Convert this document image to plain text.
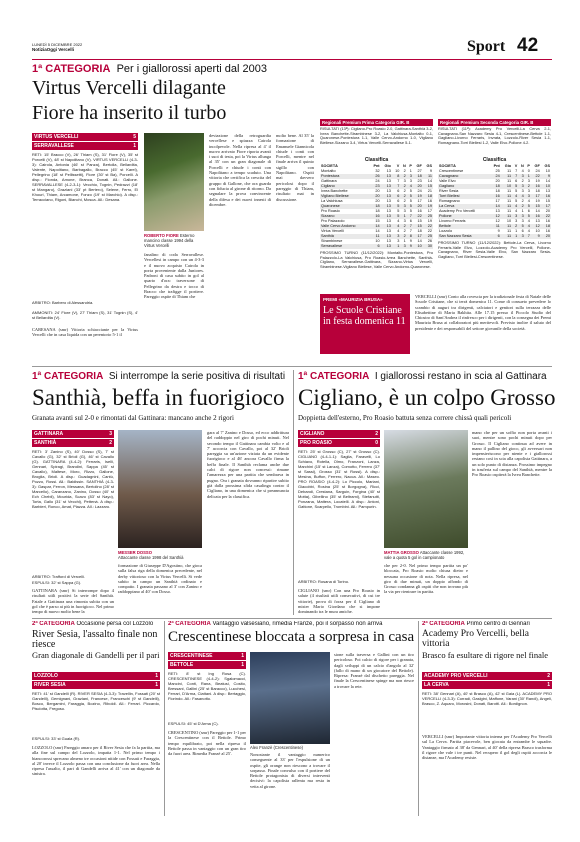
LUNEDÌ 5 DICEMBRE 2022
NotiziaOggi Vercelli	Sport 42
1ª CATEGORIA Per i giallorossi aperti dal 2003
Virtus Vercelli dilagante
Fiore ha inserito il turbo
VIRTUS VERCELLI	5
SERRAVALLESE	1
RETI: 15' Bracco (V), 26' Thiam (S), 31' Fiore (V), 35' st Porcelli (V), 48' st Napolitano (V). VIRTUS VERCELLI (4-3-3): Cairola, Antonia (46' st Panza), Bertolla, Bellardita, Valente, Napolitano, Barbagallo, Bracco (45' st Karel), Pellegrino (18' st Pellissetti), Fiore (30' st Ba), Porcelli. A disp.: Fionda, Amone, Branca, Donati. All.: Gallone. SERRAVALLESE (4-2-3-1): Vecchio, Tognin, Pedrazzi (18' st Mangaro), Graziani (33' pt Bertero), Selene, Ferro, El Khouri, Thiam, Arcamone, Fonzo (19' st Marchio). A disp.: Terracciano, Rigoni, Bianchi, Mosca. All.: Desana.
ARBITRO: Barbero di Alessandria.
AMMONITI: 24' Fiore (V), 27' Thiam (S), 31' Tognin (S), 4' st Bellardita (V).
CARESANA (smr) Vittoria schiacciante per la Virtus Vercelli che in casa liquida con un perentorio 5-1 il
ROBERTO FIORE Esterno mancino classe 1994 della Virtus Vercelli
fanalino di coda Serravallese. Vercellesi in campo con un 4-3-3 e il nuovo acquisto Cairola in porta proveniente dalla Juniores. Padroni di casa subito in gol al quarto d'ora: traversone di Pellegrino da destra e tocco di Bracco che trafigge il portiere. Pareggio ospite di Thiam che
deviazione della retroguardia vercellese e spiazza Cairola incolpevole. Nella ripresa al 4' il nuovo arrivato Fiore riporta avanti i suoi di testa, poi la Virtus allunga al 35' con un gran diagonale di Porcelli e chiude i conti con Napolitano a tempo scaduto. Una vittoria che certifica la crescita del gruppo di Gallone, che ora guarda con fiducia al girone di ritorno. Da segnalare la prova convincente della difesa e dei nuovi innesti di dicembre.
molto bene. Al 35' la formazione di Emanuele Giannicola chiude i conti con Porcelli, mentre nel finale arriva il quinto sigillo con Napolitano. Ospiti mai davvero pericolosi dopo il pareggio di Thiam, risultato mai in discussione.
Regionali Premium Prima Categoria GIR. B
RISULTATI (13ª): Cigliano-Pro Roasio 2-0, Gattinara-Santhià 3-2, Ivrea Banchette-Strambinese 3-2, La Valchiusa-Montalto 0-1, Quaronese-Pontestura 1-1, Valle Cervo-Andorno 1-0, Vigliano Biellese-Sizzano 3-4, Virtus Vercelli-Serravallese 5-1.
Classifica
SOCIETÀ	Pnt	Gio	V	N	P	GF	GS
Montalto	32	13	10	2	1	27	9
Pontestura	26	13	8	2	3	18	11
Gattinara	24	13	7	3	3	23	14
Cigliano	23	13	7	2	4	20	15
Ivrea Banchette	20	13	6	2	5	24	21
Vigliano Biellese	20	13	6	2	5	19	18
La Valchiusa	20	13	6	2	5	17	16
Quaronese	18	13	5	3	5	20	19
Pro Roasio	18	13	5	3	5	16	17
Sizzano	16	13	5	1	7	22	25
Pro Palazzolo	15	13	4	3	6	15	19
Valle Cervo Andorno	14	13	4	2	7	15	22
Virtus Vercelli	14	13	4	2	7	18	22
Santhià	11	13	3	2	8	17	25
Strambinese	10	13	3	1	9	14	26
Serravallese	6	13	1	3	9	10	30
PROSSIMO TURNO (11/12/2022): Montalto-Pontestura, Pro Palazzolo-La Valchiusa, Pro Roasio-Ivrea Banchette, Santhià-Cigliano, Serravallese-Gattinara, Sizzano-Virtus Vercelli, Strambinese-Vigliano Biellese, Valle Cervo Andorno-Quaronese.
Regionali Premium Seconda Categoria GIR. B
RISULTATI (11ª): Academy Pro Vercelli-La Cerva 2-1, Cavagnano-San Nazzaro Sesia 4-1, Crescentinese-Bettole 1-1, Gagliano-Livorno Ferraris, Invrata, Lozzolo-River Sesia 1-1, Romagnano-Torri Biellesi 1-2, Valle Elvo-Pollone 4-2.
Classifica
SOCIETÀ	Pnt	Gio	V	N	P	GF	GS
Crescentinese	25	11	7	4	0	24	10
Cavagnano	24	11	7	3	1	22	9
Valle Elvo	20	11	6	2	3	19	14
Gagliano	18	10	5	3	2	16	10
River Sesia	18	11	5	3	3	18	13
Torri Biellesi	16	11	4	4	3	17	16
Romagnano	17	11	5	2	4	19	15
La Cerva	14	11	4	2	5	15	17
Academy Pro Vercelli	13	11	4	1	6	14	20
Pollone	12	11	3	3	5	16	22
Livorno Ferraris	12	10	3	3	4	13	16
Bettole	11	11	2	5	4	12	18
Lozzolo	9	11	1	6	4	10	16
San Nazzaro Sesia	6	11	1	3	7	9	20
PROSSIMO TURNO (11/12/2022): Bettole-La Cerva, Livorno Ferraris-Valle Elvo, Lozzolo-Academy Pro Vercelli, Pollone-Cavagnano, River Sesia-Valle Elvo, San Nazzaro Sesia-Gagliano, Torri Biellesi-Crescentinese.
PREMI «MAURIZIA BRUSA»
Le Scuole Cristiane in festa domenica 11
VERCELLI (smr) Conto alla rovescia per la tradizionale festa di Natale delle Scuole Cristiane, che si terrà domenica 11. Come di consueto prevedere lo scambio di auguri tra dirigenti, calciatori e genitori sulla terrazza delle Elisabettine di Maria Bakhita. Alle 17.15 presso il Piccolo Studio del Chiostro di Sant'Andrea il rinfresco per i dirigenti, con la consegna dei Premi Maurizia Brusa ai collaboratori più meritevoli. Previsto inoltre il saluto del presidente e dei responsabili del settore giovanile della società.
1ª CATEGORIA Si interrompe la serie positiva di risultati
Santhià, beffa in fuorigioco
Granata avanti sul 2-0 e rimontati dal Gattinara: mancano anche 2 rigori
GATTINARA	3
SANTHIÀ	2
RETI: 3' Zanino (S), 40' Dosso (S), 7' st Cavallo (G), 32' st Brioli (G), 46' st Cavallo (G). GATTINARA (4-4-2): Ferraris, Iselli, Gennari, Spiragi, Brandini, Sappa (45' st Cavallo), Maltese, Moro, Rizzo, Gallone, Broglia, Brioli. A disp.: Guadagnini, Cantù, Pozzo, Rossi. All.: Baldissin. SANTHIÀ (4-3-3): Gaspar, Ferron, Messana, Bertolino (28' st Marcello), Caranzano, Zanino, Dosso (40' st Ech Chebli), Mourida, Scavo (83' st Nayo), Torta, Gallo (31' st Vecchi), Pettenà. A disp.: Barbieri, Ronco, Amat, Piazza. All.: Lazzaro.
ARBITRO: Trafford di Vercelli.
ESPULSI: 32' st Sappa (G).
GATTINARA (smr) Si interrompe dopo 4 risultati utili positivi la serie del Santhià. Fatale a Gattinara una rimonta subita con un gol che è parso ai più in fuorigioco. Nel primo tempo di nuovo molto bene la
MESSER DOSSO
Attaccante classe 1998 del Santhià
formazione di Giuseppe D'Agostino, che gioca sulla falsa riga della domenica precedente, nel derby vittorioso con la Virtus Vercelli. Si vede subito in campo un Santhià ordinato e compatto. I granata passano al 3' con Zanino e raddoppiano al 40' con Dosso.
gara al 7' Zanino e Dosso, ed ecco addirittura del raddoppio nel giro di pochi minuti. Nel secondo tempo il Gattinara cambia volto e al 7' accorcia con Cavallo, poi al 32' Brioli pareggia su un'azione viziata da un evidente fuorigioco e al 46' ancora Cavallo firma la beffa finale. Il Santhià reclama anche due calci di rigore non concessi: rimane l'amarezza per una partita che sembrava in pugno. Ora i granata dovranno ripartire subito già dalla prossima sfida casalinga contro il Cigliano, in una domenica che si preannuncia delicata per la classifica.
1ª CATEGORIA I giallorossi restano in scia al Gattinara
Cigliano, è un colpo Grosso
Doppietta dell'esterno, Pro Roasio battuta senza correre chissà quali pericoli
CIGLIANO	2
PRO ROASIO	0
RETI: 25' st Grosso (C), 27' st Grosso (C). CIGLIANO (4-4-1-1): Saglia, Faravelli, Lo Schiavo, Rotella, Olmo, Franzoni, Lanza, Marchini (15' st Lanza), Comotto, Ferrero (37' st Sassi), Grosso (31' st Rossi). A disp.: Mesina, Buffon, Ferrero, Nacca. All.: Maseo. PRO ROASIO (4-4-2): Lo Piccolo, Mariani, Giacobbi, Rosina (25' st Borgogna), Ricci, Debandi, Crestana, Sarguin, Forgina (40' st Motta), Gibellino (35' st Beltrami), Stefanutti, Ponzana, Mattera, Locatelli. A disp.: Antoni, Gattone, Scarpello, Trombini. All.: Pampurin.
ARBITRO: Rosana di Torino.
CIGLIANO (smr) Con una Pro Roasio in salute (4 risultati utili consecutivi, di cui tre vittorie), prova di forza per il Cigliano di mister Mario Giordano che si impone dominando tra le mura amiche.
MATTIA GROSSO Attaccante classe 1992, vale a quota 5 gol in campionato
che per 2-0. Nel primo tempo partita un po' bloccata, Pro Roasio molto chiusa dietro e nessuna occasione di nota. Nella ripresa, nel giro di due minuti, un doppio affondo di Grosso condanna gli ospiti che non trovano più la via per rientrare in partita.
mano che per un soffio non porta avanti i suoi, mentre sono pochi minuti dopo per Grosso. Il Cigliano continua ad avere in mano il pallino del gioco, gli avversari non impensieriscono per niente e i giallorossi restano così in scia alla capolista Gattinara, a un solo punto di distanza. Prossimo impegno in trasferta sul campo del Santhià, mentre la Pro Roasio ospiterà la Ivrea Banchette.
2ª CATEGORIA Occasione persa col Lozzolo
River Sesia, l'assalto finale non riesce
Gran diagonale di Gandelli per il pari
LOZZOLO	1
RIVER SESIA	1
RETI: 41' st Gandelli (R). RIVER SESIA (4-3-3): Travellin, Fossati (20' st Gandelli), Gemignani, Graziani, Francese, Franceschi (9' st Gandelli), Bosco, Bergamini, Faraggia, Bozino, Riboldi. All.: Ferrari. Piccardo, Pisciotta, Fregoso.
ESPULSI: 33' st Guala (R).
LOZZOLO (smr) Pareggio amaro per il River Sesia che fa la partita, ma alla fine sul campo del Lozzolo, impatta 1-1. Nel primo tempo i biancorossi sprecano almeno tre occasioni nitide con Fossati e Faraggia, al 20' invece il Lozzolo passa con una conclusione da fuori area. Nella ripresa l'assalto, il pari di Gandelli arriva al 41' con un diagonale da sinistra.
2ª CATEGORIA Vantaggio valsesiano, rimedia Franzè, poi il sorpasso non arriva
Crescentinese bloccata a sorpresa in casa
CRESCENTINESE	1
BETTOLE	1
RETI: 8' st Ing Rosa (C). CRESCENTINESE (4-4-2): Sgalomacci, Mancini, Conti, Rana, Beatusi, Cosito, Bressani, Gallini (25' st Baracco), Lucchesi, Ferrari, D'Arma, Ciattani. A disp.: Bertaggio, Fiorindo. All.: Fasanotto.
ESPULSI: 45' st D'Arma (C).
CRESCENTINO (smr) Pareggio per 1-1 per la Crescentinese con il Bettole. Primo tempo equilibrato, poi nella ripresa il Bettole passa in vantaggio con un gran tiro da fuori area. Rimedia Franzè al 25'.
Alex Franzè (Crescentinese)
Nonostante il vantaggio numerico conseguente al 33' per l'espulsione di un ospite, gli orange non riescono a trovare il sorpasso. Finale convulso con il portiere del Bettole protagonista di diversi interventi decisivi: la capolista rallenta ma resta in vetta al girone.
sione sulla traversa e Gallini con un tiro pericoloso. Poi calcio di rigore per i granata, dagli sviluppi di un calcio d'angolo al 32' (fallo di mano di un giocatore del Bettole). Ripresa: Franzè dal dischetto pareggia. Nel finale la Crescentinese spinge ma non riesce a trovare la rete.
2ª CATEGORIA Primo centro di Gennari
Academy Pro Vercelli, bella vittoria
Brasco fa esultare di rigore nel finale
ACADEMY PRO VERCELLI	2
LA CERVA	1
RETI: 38' Gennari (A), 40' st Brasco (A), 42' st Gaia (L). ACADEMY PRO VERCELLI (4-3-3): Corradi, Gaslgini, Maffone, Varani (30' Randi), Angeli, Brasco, Z. Aquaro, Morosini, Donati, Barotti. All.: Bordignon.
VERCELLI (smr) Importante vittoria interna per l'Academy Pro Vercelli sul La Cerva. Partita piacevole, ben giocata da entrambe le squadre. Vantaggio firmato al 38' da Gennari, al 40' della ripresa Brasco trasforma il rigore che vale i tre punti. Nel recupero il gol degli ospiti accorcia le distanze, ma l'Academy resiste.
